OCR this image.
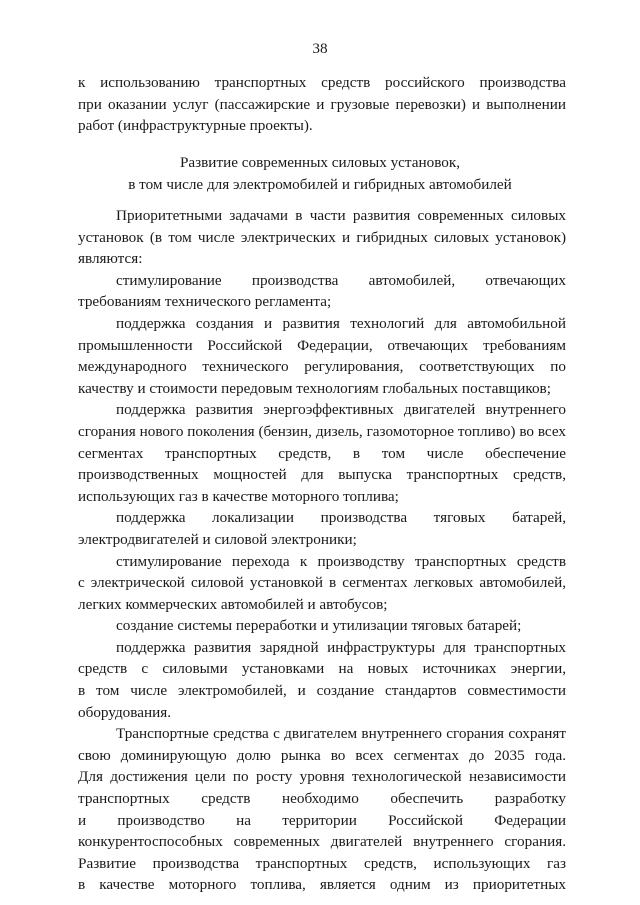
38
к использованию транспортных средств российского производства
при оказании услуг (пассажирские и грузовые перевозки) и выполнении
работ (инфраструктурные проекты).
Развитие современных силовых установок,
в том числе для электромобилей и гибридных автомобилей
Приоритетными задачами в части развития современных силовых
установок (в том числе электрических и гибридных силовых установок)
являются:
стимулирование производства автомобилей, отвечающих
требованиям технического регламента;
поддержка создания и развития технологий для автомобильной
промышленности Российской Федерации, отвечающих требованиям
международного технического регулирования, соответствующих по
качеству и стоимости передовым технологиям глобальных поставщиков;
поддержка развития энергоэффективных двигателей внутреннего
сгорания нового поколения (бензин, дизель, газомоторное топливо) во всех
сегментах транспортных средств, в том числе обеспечение
производственных мощностей для выпуска транспортных средств,
использующих газ в качестве моторного топлива;
поддержка локализации производства тяговых батарей,
электродвигателей и силовой электроники;
стимулирование перехода к производству транспортных средств
с электрической силовой установкой в сегментах легковых автомобилей,
легких коммерческих автомобилей и автобусов;
создание системы переработки и утилизации тяговых батарей;
поддержка развития зарядной инфраструктуры для транспортных
средств с силовыми установками на новых источниках энергии,
в том числе электромобилей, и создание стандартов совместимости
оборудования.
Транспортные средства с двигателем внутреннего сгорания сохранят
свою доминирующую долю рынка во всех сегментах до 2035 года.
Для достижения цели по росту уровня технологической независимости
транспортных средств необходимо обеспечить разработку
и производство на территории Российской Федерации
конкурентоспособных современных двигателей внутреннего сгорания.
Развитие производства транспортных средств, использующих газ
в качестве моторного топлива, является одним из приоритетных
